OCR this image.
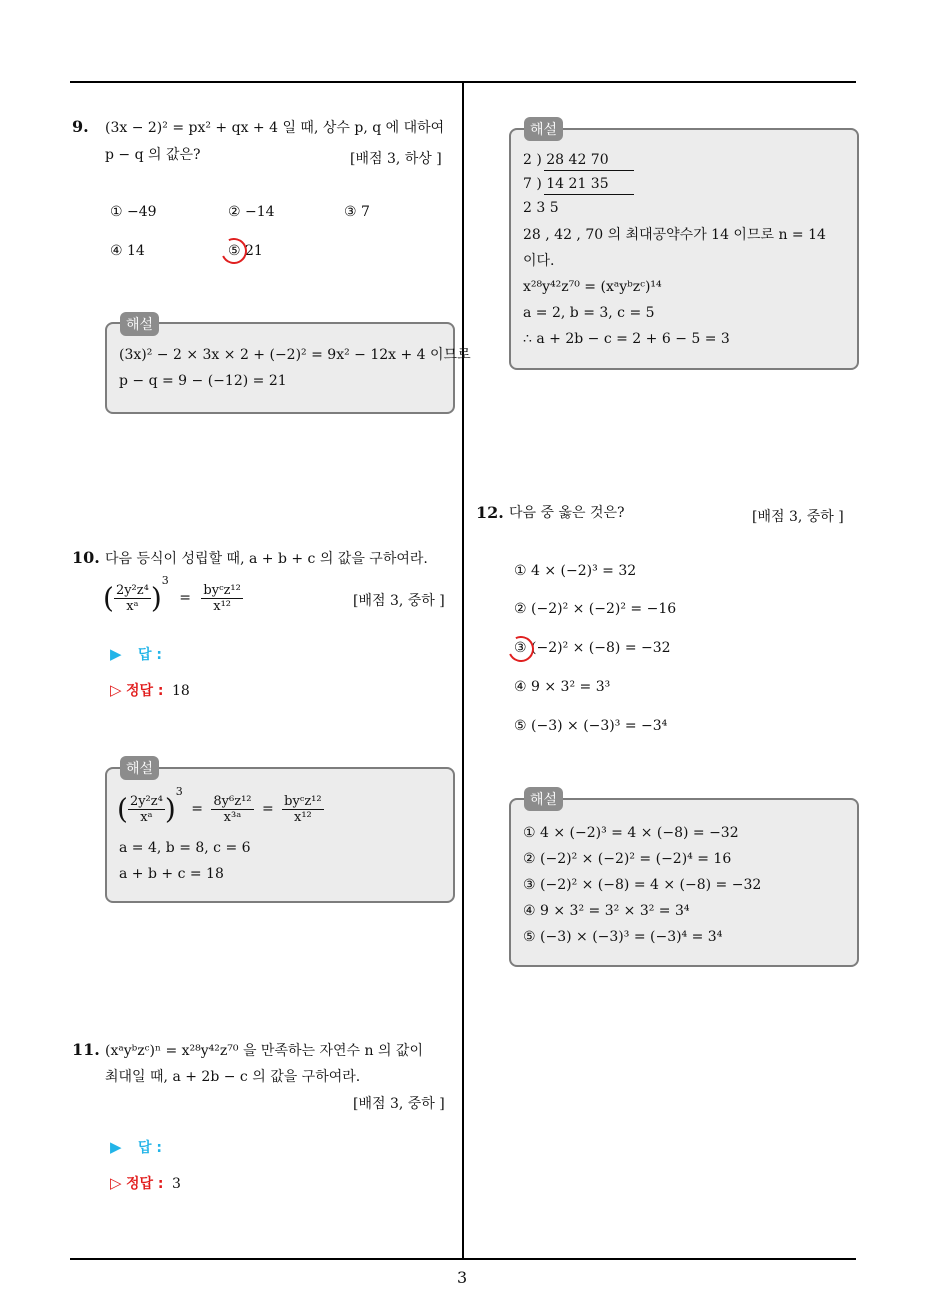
9. (3x − 2)² = px² + qx + 4 일 때, 상수 p, q 에 대하여
p − q 의 값은?	[배점 3, 하상 ]
① −49	② −14	③ 7
④ 14	⑤ 21
(3x)² − 2 × 3x × 2 + (−2)² = 9x² − 12x + 4 이므로
p − q = 9 − (−12) = 21
해설
10. 다음 등식이 성립할 때, a + b + c 의 값을 구하여라.
( $\frac{\text{2y²z⁴}}{\text{xᵃ}} )^3 = \frac{\text{byᶜz¹²}}{\text{x¹²}}$	[배점 3, 중하 ]
▶ 답 :
▷ 정답 : 18
( $\frac{\text{2y²z⁴}}{\text{xᵃ}} )^3 = \frac{\text{8y⁶z¹²}}{\text{x³ᵃ}} = \frac{\text{byᶜz¹²}}{\text{x¹²}}$
a = 4, b = 8, c = 6
a + b + c = 18
해설
11. (xᵃyᵇzᶜ)ⁿ = x²⁸y⁴²z⁷⁰ 을 만족하는 자연수 n 의 값이
최대일 때, a + 2b − c 의 값을 구하여라.
[배점 3, 중하 ]
▶ 답 :
▷ 정답 : 3
2 ) 28 42 70
7 ) 14 21 35
2 3 5
28 , 42 , 70 의 최대공약수가 14 이므로 n = 14
이다.
x²⁸y⁴²z⁷⁰ = (xᵃyᵇzᶜ)¹⁴
a = 2, b = 3, c = 5
∴ a + 2b − c = 2 + 6 − 5 = 3
해설
12. 다음 중 옳은 것은?	[배점 3, 중하 ]
① 4 × (−2)³ = 32
② (−2)² × (−2)² = −16
③ (−2)² × (−8) = −32
④ 9 × 3² = 3³
⑤ (−3) × (−3)³ = −3⁴
① 4 × (−2)³ = 4 × (−8) = −32
② (−2)² × (−2)² = (−2)⁴ = 16
③ (−2)² × (−8) = 4 × (−8) = −32
④ 9 × 3² = 3² × 3² = 3⁴
⑤ (−3) × (−3)³ = (−3)⁴ = 3⁴
해설
3
